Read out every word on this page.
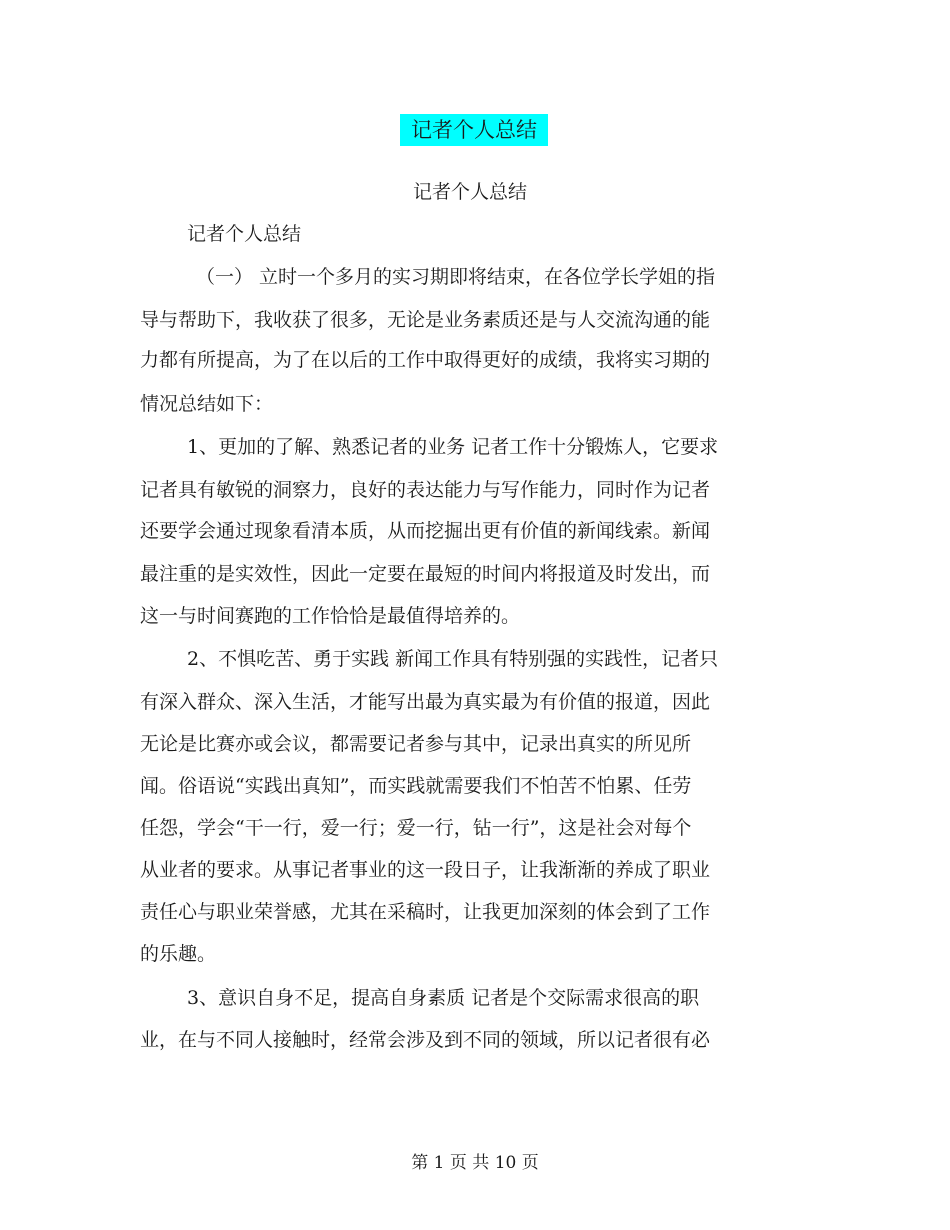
记者个人总结
记者个人总结
记者个人总结
（一） 立时一个多月的实习期即将结束，在各位学长学姐的指
导与帮助下，我收获了很多，无论是业务素质还是与人交流沟通的能
力都有所提高，为了在以后的工作中取得更好的成绩，我将实习期的
情况总结如下：
1、更加的了解、熟悉记者的业务 记者工作十分锻炼人，它要求
记者具有敏锐的洞察力，良好的表达能力与写作能力，同时作为记者
还要学会通过现象看清本质，从而挖掘出更有价值的新闻线索。新闻
最注重的是实效性，因此一定要在最短的时间内将报道及时发出，而
这一与时间赛跑的工作恰恰是最值得培养的。
2、不惧吃苦、勇于实践 新闻工作具有特别强的实践性，记者只
有深入群众、深入生活，才能写出最为真实最为有价值的报道，因此
无论是比赛亦或会议，都需要记者参与其中，记录出真实的所见所
闻。俗语说“实践出真知”，而实践就需要我们不怕苦不怕累、任劳
任怨，学会“干一行，爱一行；爱一行，钻一行”，这是社会对每个
从业者的要求。从事记者事业的这一段日子，让我渐渐的养成了职业
责任心与职业荣誉感，尤其在采稿时，让我更加深刻的体会到了工作
的乐趣。
3、意识自身不足，提高自身素质 记者是个交际需求很高的职
业，在与不同人接触时，经常会涉及到不同的领域，所以记者很有必
第 1 页 共 10 页
